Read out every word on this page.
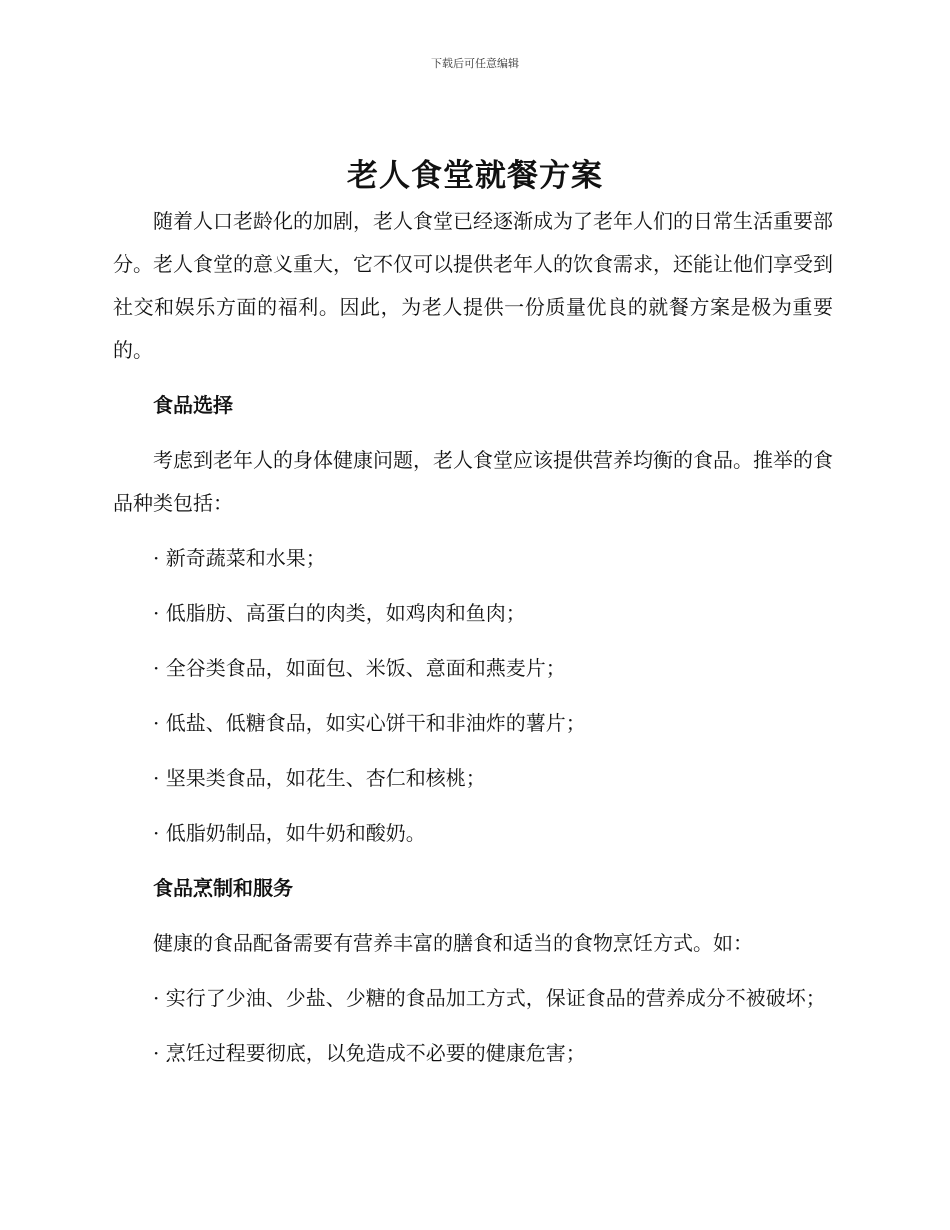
下载后可任意编辑
老人食堂就餐方案

随着人口老龄化的加剧，老人食堂已经逐渐成为了老年人们的日常生活重要部分。老人食堂的意义重大，它不仅可以提供老年人的饮食需求，还能让他们享受到社交和娱乐方面的福利。因此，为老人提供一份质量优良的就餐方案是极为重要的。

食品选择

考虑到老年人的身体健康问题，老人食堂应该提供营养均衡的食品。推举的食品种类包括：

· 新奇蔬菜和水果；

· 低脂肪、高蛋白的肉类，如鸡肉和鱼肉；

· 全谷类食品，如面包、米饭、意面和燕麦片；

· 低盐、低糖食品，如实心饼干和非油炸的薯片；

· 坚果类食品，如花生、杏仁和核桃；

· 低脂奶制品，如牛奶和酸奶。

食品烹制和服务

健康的食品配备需要有营养丰富的膳食和适当的食物烹饪方式。如：

· 实行了少油、少盐、少糖的食品加工方式，保证食品的营养成分不被破坏；

· 烹饪过程要彻底，以免造成不必要的健康危害；
